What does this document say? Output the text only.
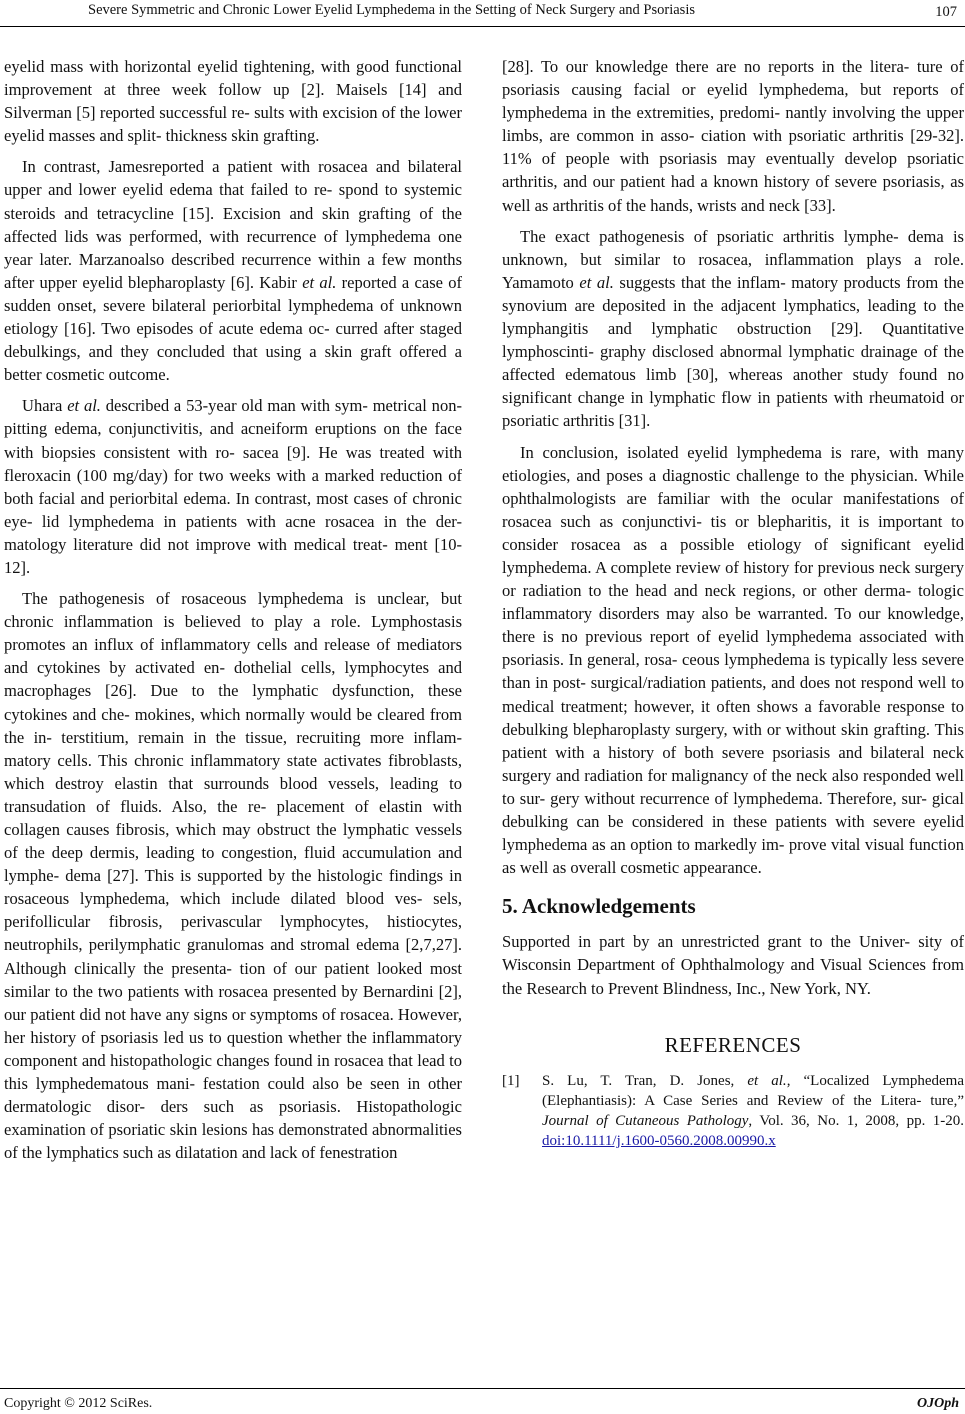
Severe Symmetric and Chronic Lower Eyelid Lymphedema in the Setting of Neck Surgery and Psoriasis	107

eyelid mass with horizontal eyelid tightening, with good functional improvement at three week follow up [2]. Maisels [14] and Silverman [5] reported successful re- sults with excision of the lower eyelid masses and split- thickness skin grafting.

In contrast, Jamesreported a patient with rosacea and bilateral upper and lower eyelid edema that failed to re- spond to systemic steroids and tetracycline [15]. Excision and skin grafting of the affected lids was performed, with recurrence of lymphedema one year later. Marzanoalso described recurrence within a few months after upper eyelid blepharoplasty [6]. Kabir et al. reported a case of sudden onset, severe bilateral periorbital lymphedema of unknown etiology [16]. Two episodes of acute edema oc- curred after staged debulkings, and they concluded that using a skin graft offered a better cosmetic outcome.

Uhara et al. described a 53-year old man with sym- metrical non-pitting edema, conjunctivitis, and acneiform eruptions on the face with biopsies consistent with ro- sacea [9]. He was treated with fleroxacin (100 mg/day) for two weeks with a marked reduction of both facial and periorbital edema. In contrast, most cases of chronic eye- lid lymphedema in patients with acne rosacea in the der- matology literature did not improve with medical treat- ment [10-12].

The pathogenesis of rosaceous lymphedema is unclear, but chronic inflammation is believed to play a role. Lymphostasis promotes an influx of inflammatory cells and release of mediators and cytokines by activated en- dothelial cells, lymphocytes and macrophages [26]. Due to the lymphatic dysfunction, these cytokines and che- mokines, which normally would be cleared from the in- terstitium, remain in the tissue, recruiting more inflam- matory cells. This chronic inflammatory state activates fibroblasts, which destroy elastin that surrounds blood vessels, leading to transudation of fluids. Also, the re- placement of elastin with collagen causes fibrosis, which may obstruct the lymphatic vessels of the deep dermis, leading to congestion, fluid accumulation and lymphe- dema [27]. This is supported by the histologic findings in rosaceous lymphedema, which include dilated blood ves- sels, perifollicular fibrosis, perivascular lymphocytes, histiocytes, neutrophils, perilymphatic granulomas and stromal edema [2,7,27]. Although clinically the presenta- tion of our patient looked most similar to the two patients with rosacea presented by Bernardini [2], our patient did not have any signs or symptoms of rosacea. However, her history of psoriasis led us to question whether the inflammatory component and histopathologic changes found in rosacea that lead to this lymphedematous mani- festation could also be seen in other dermatologic disor- ders such as psoriasis. Histopathologic examination of psoriatic skin lesions has demonstrated abnormalities of the lymphatics such as dilatation and lack of fenestration

[28]. To our knowledge there are no reports in the litera- ture of psoriasis causing facial or eyelid lymphedema, but reports of lymphedema in the extremities, predomi- nantly involving the upper limbs, are common in asso- ciation with psoriatic arthritis [29-32]. 11% of people with psoriasis may eventually develop psoriatic arthritis, and our patient had a known history of severe psoriasis, as well as arthritis of the hands, wrists and neck [33].

The exact pathogenesis of psoriatic arthritis lymphe- dema is unknown, but similar to rosacea, inflammation plays a role. Yamamoto et al. suggests that the inflam- matory products from the synovium are deposited in the adjacent lymphatics, leading to the lymphangitis and lymphatic obstruction [29]. Quantitative lymphoscinti- graphy disclosed abnormal lymphatic drainage of the affected edematous limb [30], whereas another study found no significant change in lymphatic flow in patients with rheumatoid or psoriatic arthritis [31].

In conclusion, isolated eyelid lymphedema is rare, with many etiologies, and poses a diagnostic challenge to the physician. While ophthalmologists are familiar with the ocular manifestations of rosacea such as conjunctivi- tis or blepharitis, it is important to consider rosacea as a possible etiology of significant eyelid lymphedema. A complete review of history for previous neck surgery or radiation to the head and neck regions, or other derma- tologic inflammatory disorders may also be warranted. To our knowledge, there is no previous report of eyelid lymphedema associated with psoriasis. In general, rosa- ceous lymphedema is typically less severe than in post- surgical/radiation patients, and does not respond well to medical treatment; however, it often shows a favorable response to debulking blepharoplasty surgery, with or without skin grafting. This patient with a history of both severe psoriasis and bilateral neck surgery and radiation for malignancy of the neck also responded well to sur- gery without recurrence of lymphedema. Therefore, sur- gical debulking can be considered in these patients with severe eyelid lymphedema as an option to markedly im- prove vital visual function as well as overall cosmetic appearance.

5. Acknowledgements

Supported in part by an unrestricted grant to the Univer- sity of Wisconsin Department of Ophthalmology and Visual Sciences from the Research to Prevent Blindness, Inc., New York, NY.

REFERENCES
[1]	S. Lu, T. Tran, D. Jones, et al., “Localized Lymphedema (Elephantiasis): A Case Series and Review of the Litera- ture,” Journal of Cutaneous Pathology, Vol. 36, No. 1, 2008, pp. 1-20. doi:10.1111/j.1600-0560.2008.00990.x
Copyright © 2012 SciRes.	OJOph
